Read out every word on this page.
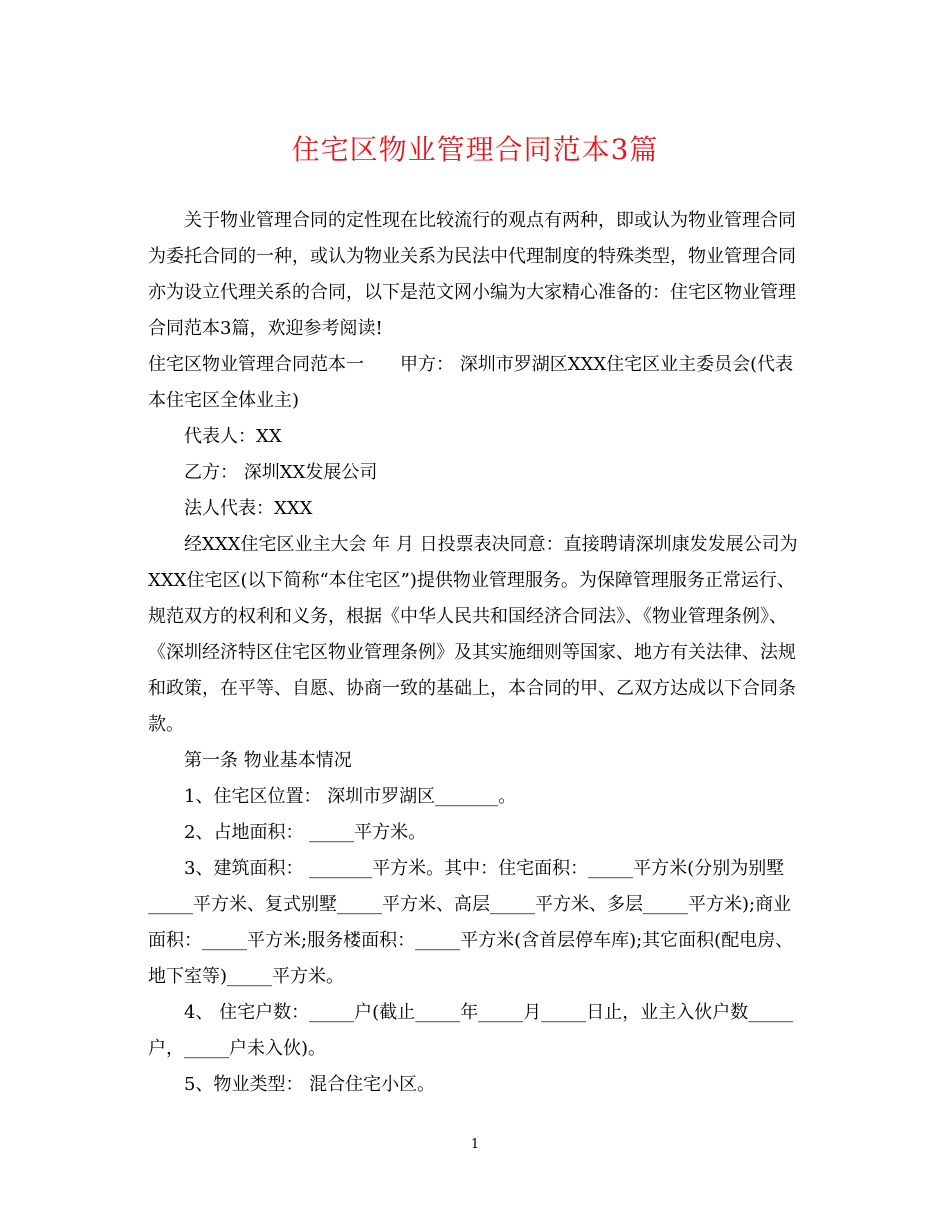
住宅区物业管理合同范本3篇

关于物业管理合同的定性现在比较流行的观点有两种，即或认为物业管理合同为委托合同的一种，或认为物业关系为民法中代理制度的特殊类型，物业管理合同亦为设立代理关系的合同，以下是范文网小编为大家精心准备的：住宅区物业管理合同范本3篇，欢迎参考阅读!

住宅区物业管理合同范本一　　甲方： 深圳市罗湖区XXX住宅区业主委员会(代表本住宅区全体业主)

代表人：XX

乙方： 深圳XX发展公司

法人代表：XXX

经XXX住宅区业主大会 年 月 日投票表决同意：直接聘请深圳康发发展公司为XXX住宅区(以下简称“本住宅区”)提供物业管理服务。为保障管理服务正常运行、规范双方的权利和义务，根据《中华人民共和国经济合同法》、《物业管理条例》、《深圳经济特区住宅区物业管理条例》及其实施细则等国家、地方有关法律、法规和政策，在平等、自愿、协商一致的基础上，本合同的甲、乙双方达成以下合同条款。

第一条 物业基本情况

1、住宅区位置： 深圳市罗湖区_______。

2、占地面积： _____平方米。

3、建筑面积： _______平方米。其中：住宅面积：_____平方米(分别为别墅_____平方米、复式别墅_____平方米、高层_____平方米、多层_____平方米);商业面积：_____平方米;服务楼面积：_____平方米(含首层停车库);其它面积(配电房、地下室等)_____平方米。

4、 住宅户数：_____户(截止_____年_____月_____日止，业主入伙户数_____户，_____户未入伙)。

5、物业类型： 混合住宅小区。

1
